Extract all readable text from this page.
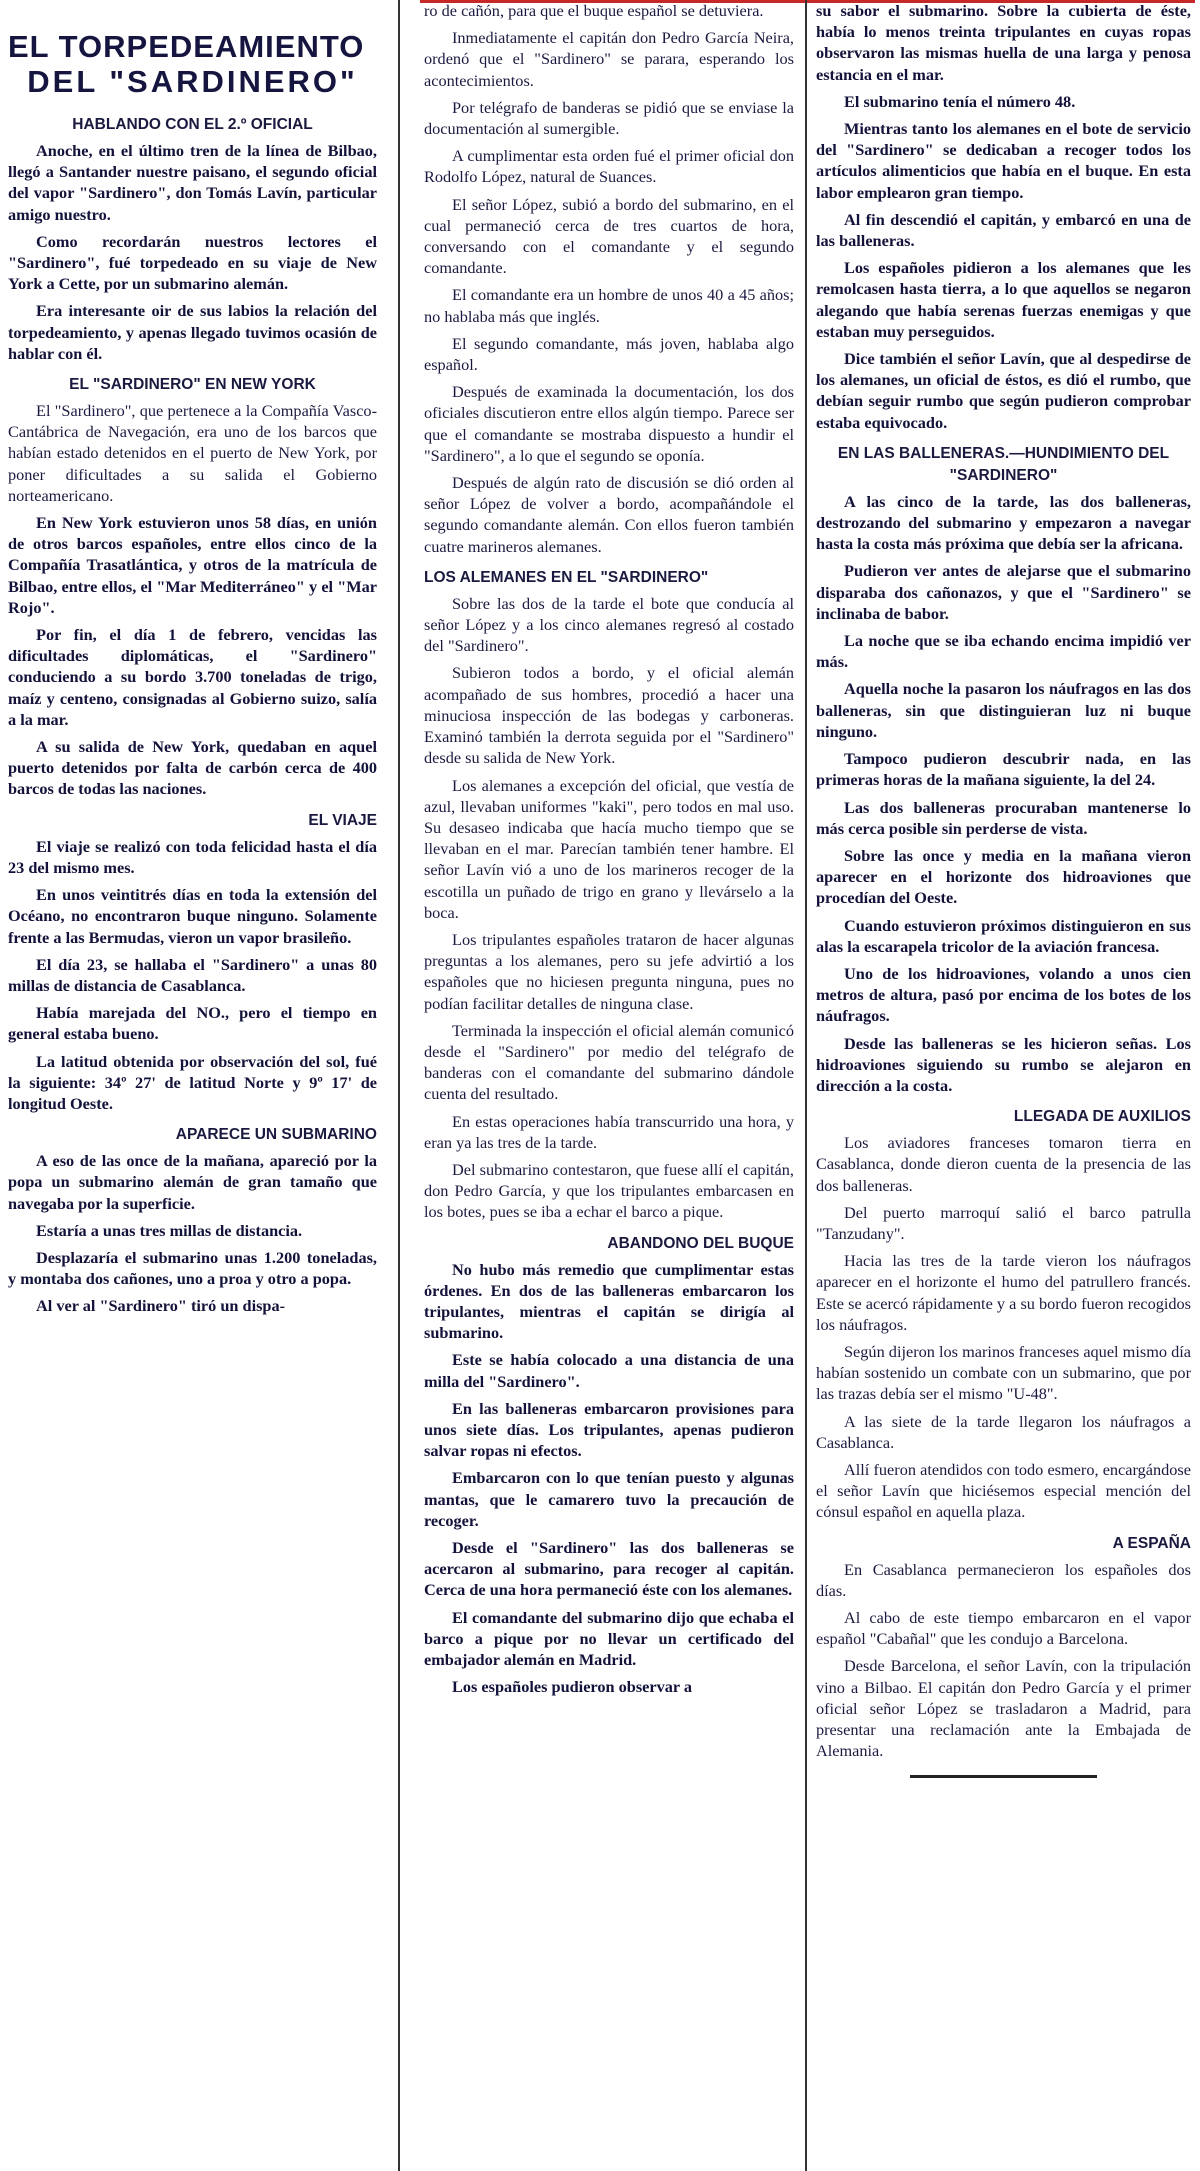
EL TORPEDEAMIENTO
DEL "SARDINERO"
HABLANDO CON EL 2.º OFICIAL

Anoche, en el último tren de la línea de Bilbao, llegó a Santander nuestre paisano, el segundo oficial del vapor "Sardinero", don Tomás Lavín, particular amigo nuestro.

Como recordarán nuestros lectores el "Sardinero", fué torpedeado en su viaje de New York a Cette, por un submarino alemán.

Era interesante oir de sus labios la relación del torpedeamiento, y apenas llegado tuvimos ocasión de hablar con él.

EL "SARDINERO" EN NEW YORK

El "Sardinero", que pertenece a la Compañía Vasco-Cantábrica de Navegación, era uno de los barcos que habían estado detenidos en el puerto de New York, por poner dificultades a su salida el Gobierno norteamericano.

En New York estuvieron unos 58 días, en unión de otros barcos españoles, entre ellos cinco de la Compañía Trasatlántica, y otros de la matrícula de Bilbao, entre ellos, el "Mar Mediterráneo" y el "Mar Rojo".

Por fin, el día 1 de febrero, vencidas las dificultades diplomáticas, el "Sardinero" conduciendo a su bordo 3.700 toneladas de trigo, maíz y centeno, consignadas al Gobierno suizo, salía a la mar.

A su salida de New York, quedaban en aquel puerto detenidos por falta de carbón cerca de 400 barcos de todas las naciones.

EL VIAJE

El viaje se realizó con toda felicidad hasta el día 23 del mismo mes.

En unos veintitrés días en toda la extensión del Océano, no encontraron buque ninguno. Solamente frente a las Bermudas, vieron un vapor brasileño.

El día 23, se hallaba el "Sardinero" a unas 80 millas de distancia de Casablanca.

Había marejada del NO., pero el tiempo en general estaba bueno.

La latitud obtenida por observación del sol, fué la siguiente: 34º 27' de latitud Norte y 9º 17' de longitud Oeste.

APARECE UN SUBMARINO

A eso de las once de la mañana, apareció por la popa un submarino alemán de gran tamaño que navegaba por la superficie.

Estaría a unas tres millas de distancia.

Desplazaría el submarino unas 1.200 toneladas, y montaba dos cañones, uno a proa y otro a popa.

Al ver al "Sardinero" tiró un dispa-

ro de cañón, para que el buque español se detuviera.

Inmediatamente el capitán don Pedro García Neira, ordenó que el "Sardinero" se parara, esperando los acontecimientos.

Por telégrafo de banderas se pidió que se enviase la documentación al sumergible.

A cumplimentar esta orden fué el primer oficial don Rodolfo López, natural de Suances.

El señor López, subió a bordo del submarino, en el cual permaneció cerca de tres cuartos de hora, conversando con el comandante y el segundo comandante.

El comandante era un hombre de unos 40 a 45 años; no hablaba más que inglés.

El segundo comandante, más joven, hablaba algo español.

Después de examinada la documentación, los dos oficiales discutieron entre ellos algún tiempo. Parece ser que el comandante se mostraba dispuesto a hundir el "Sardinero", a lo que el segundo se oponía.

Después de algún rato de discusión se dió orden al señor López de volver a bordo, acompañándole el segundo comandante alemán. Con ellos fueron también cuatre marineros alemanes.

LOS ALEMANES EN EL "SARDINERO"

Sobre las dos de la tarde el bote que conducía al señor López y a los cinco alemanes regresó al costado del "Sardinero".

Subieron todos a bordo, y el oficial alemán acompañado de sus hombres, procedió a hacer una minuciosa inspección de las bodegas y carboneras. Examinó también la derrota seguida por el "Sardinero" desde su salida de New York.

Los alemanes a excepción del oficial, que vestía de azul, llevaban uniformes "kaki", pero todos en mal uso. Su desaseo indicaba que hacía mucho tiempo que se llevaban en el mar. Parecían también tener hambre. El señor Lavín vió a uno de los marineros recoger de la escotilla un puñado de trigo en grano y llevárselo a la boca.

Los tripulantes españoles trataron de hacer algunas preguntas a los alemanes, pero su jefe advirtió a los españoles que no hiciesen pregunta ninguna, pues no podían facilitar detalles de ninguna clase.

Terminada la inspección el oficial alemán comunicó desde el "Sardinero" por medio del telégrafo de banderas con el comandante del submarino dándole cuenta del resultado.

En estas operaciones había transcurrido una hora, y eran ya las tres de la tarde.

Del submarino contestaron, que fuese allí el capitán, don Pedro García, y que los tripulantes embarcasen en los botes, pues se iba a echar el barco a pique.

ABANDONO DEL BUQUE

No hubo más remedio que cumplimentar estas órdenes. En dos de las balleneras embarcaron los tripulantes, mientras el capitán se dirigía al submarino.

Este se había colocado a una distancia de una milla del "Sardinero".

En las balleneras embarcaron provisiones para unos siete días. Los tripulantes, apenas pudieron salvar ropas ni efectos.

Embarcaron con lo que tenían puesto y algunas mantas, que le camarero tuvo la precaución de recoger.

Desde el "Sardinero" las dos balleneras se acercaron al submarino, para recoger al capitán. Cerca de una hora permaneció éste con los alemanes.

El comandante del submarino dijo que echaba el barco a pique por no llevar un certificado del embajador alemán en Madrid.

Los españoles pudieron observar a

su sabor el submarino. Sobre la cubierta de éste, había lo menos treinta tripulantes en cuyas ropas observaron las mismas huella de una larga y penosa estancia en el mar.

El submarino tenía el número 48.

Mientras tanto los alemanes en el bote de servicio del "Sardinero" se dedicaban a recoger todos los artículos alimenticios que había en el buque. En esta labor emplearon gran tiempo.

Al fin descendió el capitán, y embarcó en una de las balleneras.

Los españoles pidieron a los alemanes que les remolcasen hasta tierra, a lo que aquellos se negaron alegando que había serenas fuerzas enemigas y que estaban muy perseguidos.

Dice también el señor Lavín, que al despedirse de los alemanes, un oficial de éstos, es dió el rumbo, que debían seguir rumbo que según pudieron comprobar estaba equivocado.

EN LAS BALLENERAS.—HUNDIMIENTO DEL "SARDINERO"

A las cinco de la tarde, las dos balleneras, destrozando del submarino y empezaron a navegar hasta la costa más próxima que debía ser la africana.

Pudieron ver antes de alejarse que el submarino disparaba dos cañonazos, y que el "Sardinero" se inclinaba de babor.

La noche que se iba echando encima impidió ver más.

Aquella noche la pasaron los náufragos en las dos balleneras, sin que distinguieran luz ni buque ninguno.

Tampoco pudieron descubrir nada, en las primeras horas de la mañana siguiente, la del 24.

Las dos balleneras procuraban mantenerse lo más cerca posible sin perderse de vista.

Sobre las once y media en la mañana vieron aparecer en el horizonte dos hidroaviones que procedían del Oeste.

Cuando estuvieron próximos distinguieron en sus alas la escarapela tricolor de la aviación francesa.

Uno de los hidroaviones, volando a unos cien metros de altura, pasó por encima de los botes de los náufragos.

Desde las balleneras se les hicieron señas. Los hidroaviones siguiendo su rumbo se alejaron en dirección a la costa.

LLEGADA DE AUXILIOS

Los aviadores franceses tomaron tierra en Casablanca, donde dieron cuenta de la presencia de las dos balleneras.

Del puerto marroquí salió el barco patrulla "Tanzudany".

Hacia las tres de la tarde vieron los náufragos aparecer en el horizonte el humo del patrullero francés. Este se acercó rápidamente y a su bordo fueron recogidos los náufragos.

Según dijeron los marinos franceses aquel mismo día habían sostenido un combate con un submarino, que por las trazas debía ser el mismo "U-48".

A las siete de la tarde llegaron los náufragos a Casablanca.

Allí fueron atendidos con todo esmero, encargándose el señor Lavín que hiciésemos especial mención del cónsul español en aquella plaza.

A ESPAÑA

En Casablanca permanecieron los españoles dos días.

Al cabo de este tiempo embarcaron en el vapor español "Cabañal" que les condujo a Barcelona.

Desde Barcelona, el señor Lavín, con la tripulación vino a Bilbao. El capitán don Pedro García y el primer oficial señor López se trasladaron a Madrid, para presentar una reclamación ante la Embajada de Alemania.
